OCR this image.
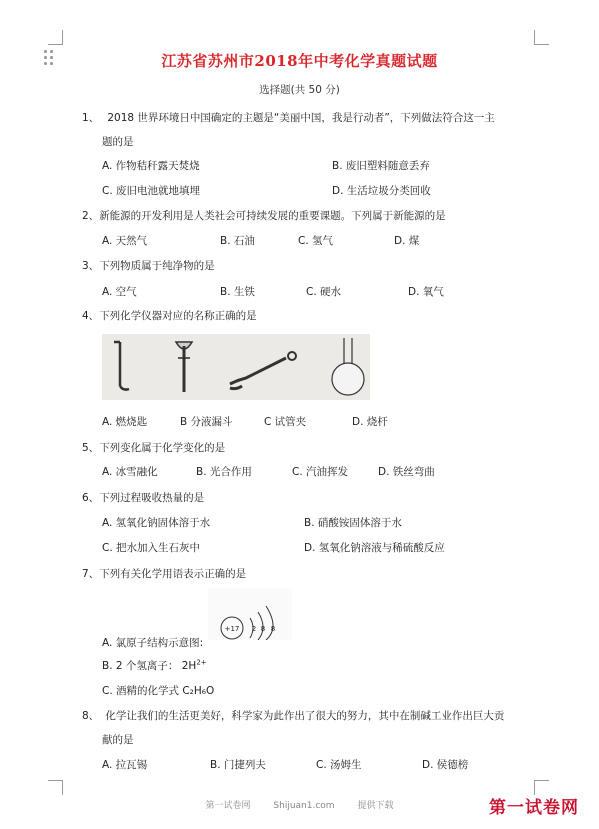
江苏省苏州市2018年中考化学真题试题
选择题(共 50 分)
1、 2018 世界环境日中国确定的主题是“美丽中国，我是行动者”，下列做法符合这一主
题的是
A. 作物秸秆露天焚烧	B. 废旧塑料随意丢弃
C. 废旧电池就地填埋	D. 生活垃圾分类回收
2、新能源的开发利用是人类社会可持续发展的重要课题。下列属于新能源的是
A. 天然气	B. 石油	C. 氢气	D. 煤
3、下列物质属于纯净物的是
A. 空气	B. 生铁	C. 硬水	D. 氧气
4、下列化学仪器对应的名称正确的是
A. 燃烧匙	B 分液漏斗	C 试管夹	D. 烧杆
5、下列变化属于化学变化的是
A. 冰雪融化	B. 光合作用	C. 汽油挥发	D. 铁丝弯曲
6、下列过程吸收热量的是
A. 氢氧化钠固体溶于水	B. 硝酸铵固体溶于水
C. 把水加入生石灰中	D. 氢氧化钠溶液与稀硫酸反应
7、下列有关化学用语表示正确的是
+17 2 8 8
A. 氯原子结构示意图:
B. 2 个氢离子： $2H^{2+}$
C. 酒精的化学式 C₂H₆O
8、 化学让我们的生活更美好，科学家为此作出了很大的努力，其中在制碱工业作出巨大贡
献的是
A. 拉瓦锡	B. 门捷列夫	C. 汤姆生	D. 侯德榜
第一试卷网	Shijuan1.com	提供下载	第一试卷网
